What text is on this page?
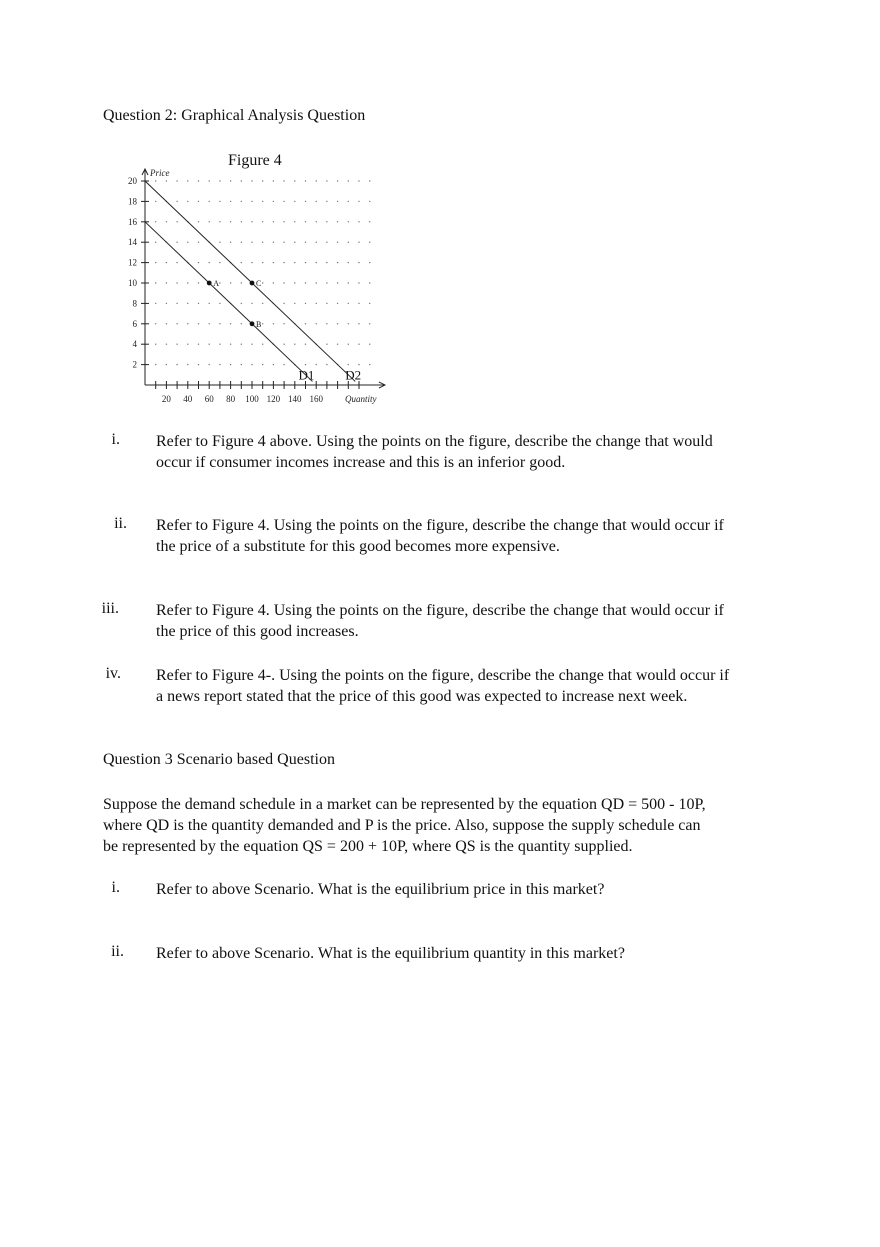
Question 2: Graphical Analysis Question
Figure 4
Price
Quantity
2
4
6
8
10
12
14
16
18
20
20 40 60 80 100 120 140 160
D1 D2
A	C
B
i. Refer to Figure 4 above. Using the points on the figure, describe the change that would
occur if consumer incomes increase and this is an inferior good.
ii. Refer to Figure 4. Using the points on the figure, describe the change that would occur if
the price of a substitute for this good becomes more expensive.
iii. Refer to Figure 4. Using the points on the figure, describe the change that would occur if
the price of this good increases.
iv. Refer to Figure 4-. Using the points on the figure, describe the change that would occur if
a news report stated that the price of this good was expected to increase next week.
Question 3 Scenario based Question
Suppose the demand schedule in a market can be represented by the equation QD = 500 - 10P,
where QD is the quantity demanded and P is the price. Also, suppose the supply schedule can
be represented by the equation QS = 200 + 10P, where QS is the quantity supplied.
i. Refer to above Scenario. What is the equilibrium price in this market?
ii. Refer to above Scenario. What is the equilibrium quantity in this market?
